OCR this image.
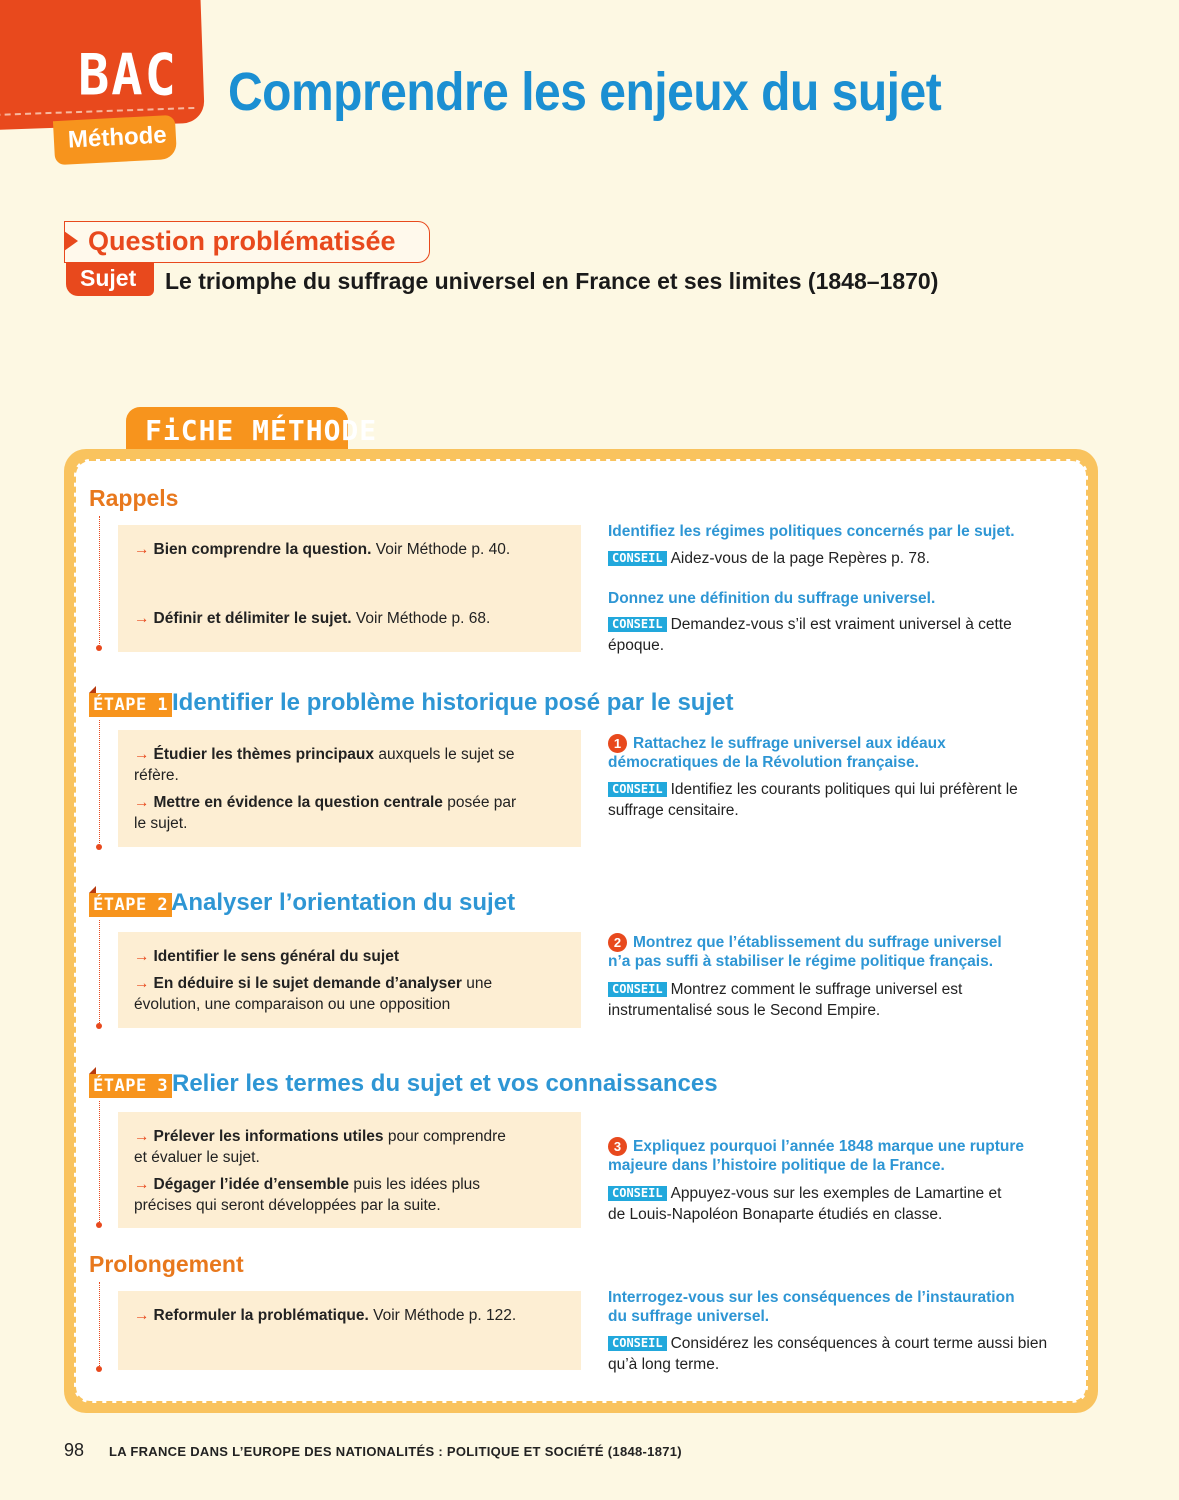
BAC
Méthode
Comprendre les enjeux du sujet
Question problématisée
Sujet Le triomphe du suffrage universel en France et ses limites (1848–1870)
FiCHE MÉTHODE
Rappels
→ Bien comprendre la question. Voir Méthode p. 40.
→ Définir et délimiter le sujet. Voir Méthode p. 68.
Identifiez les régimes politiques concernés par le sujet.
CONSEIL Aidez-vous de la page Repères p. 78.
Donnez une définition du suffrage universel.
CONSEIL Demandez-vous s’il est vraiment universel à cette époque.
ÉTAPE 1 Identifier le problème historique posé par le sujet
→ Étudier les thèmes principaux auxquels le sujet se réfère.
→ Mettre en évidence la question centrale posée par le sujet.
1 Rattachez le suffrage universel aux idéaux démocratiques de la Révolution française.
CONSEIL Identifiez les courants politiques qui lui préfèrent le suffrage censitaire.
ÉTAPE 2 Analyser l’orientation du sujet
→ Identifier le sens général du sujet
→ En déduire si le sujet demande d’analyser une évolution, une comparaison ou une opposition
2 Montrez que l’établissement du suffrage universel n’a pas suffi à stabiliser le régime politique français.
CONSEIL Montrez comment le suffrage universel est instrumentalisé sous le Second Empire.
ÉTAPE 3 Relier les termes du sujet et vos connaissances
→ Prélever les informations utiles pour comprendre et évaluer le sujet.
→ Dégager l’idée d’ensemble puis les idées plus précises qui seront développées par la suite.
3 Expliquez pourquoi l’année 1848 marque une rupture majeure dans l’histoire politique de la France.
CONSEIL Appuyez-vous sur les exemples de Lamartine et de Louis-Napoléon Bonaparte étudiés en classe.
Prolongement
→ Reformuler la problématique. Voir Méthode p. 122.
Interrogez-vous sur les conséquences de l’instauration du suffrage universel.
CONSEIL Considérez les conséquences à court terme aussi bien qu’à long terme.
98 LA FRANCE DANS L’EUROPE DES NATIONALITÉS : POLITIQUE ET SOCIÉTÉ (1848-1871)
